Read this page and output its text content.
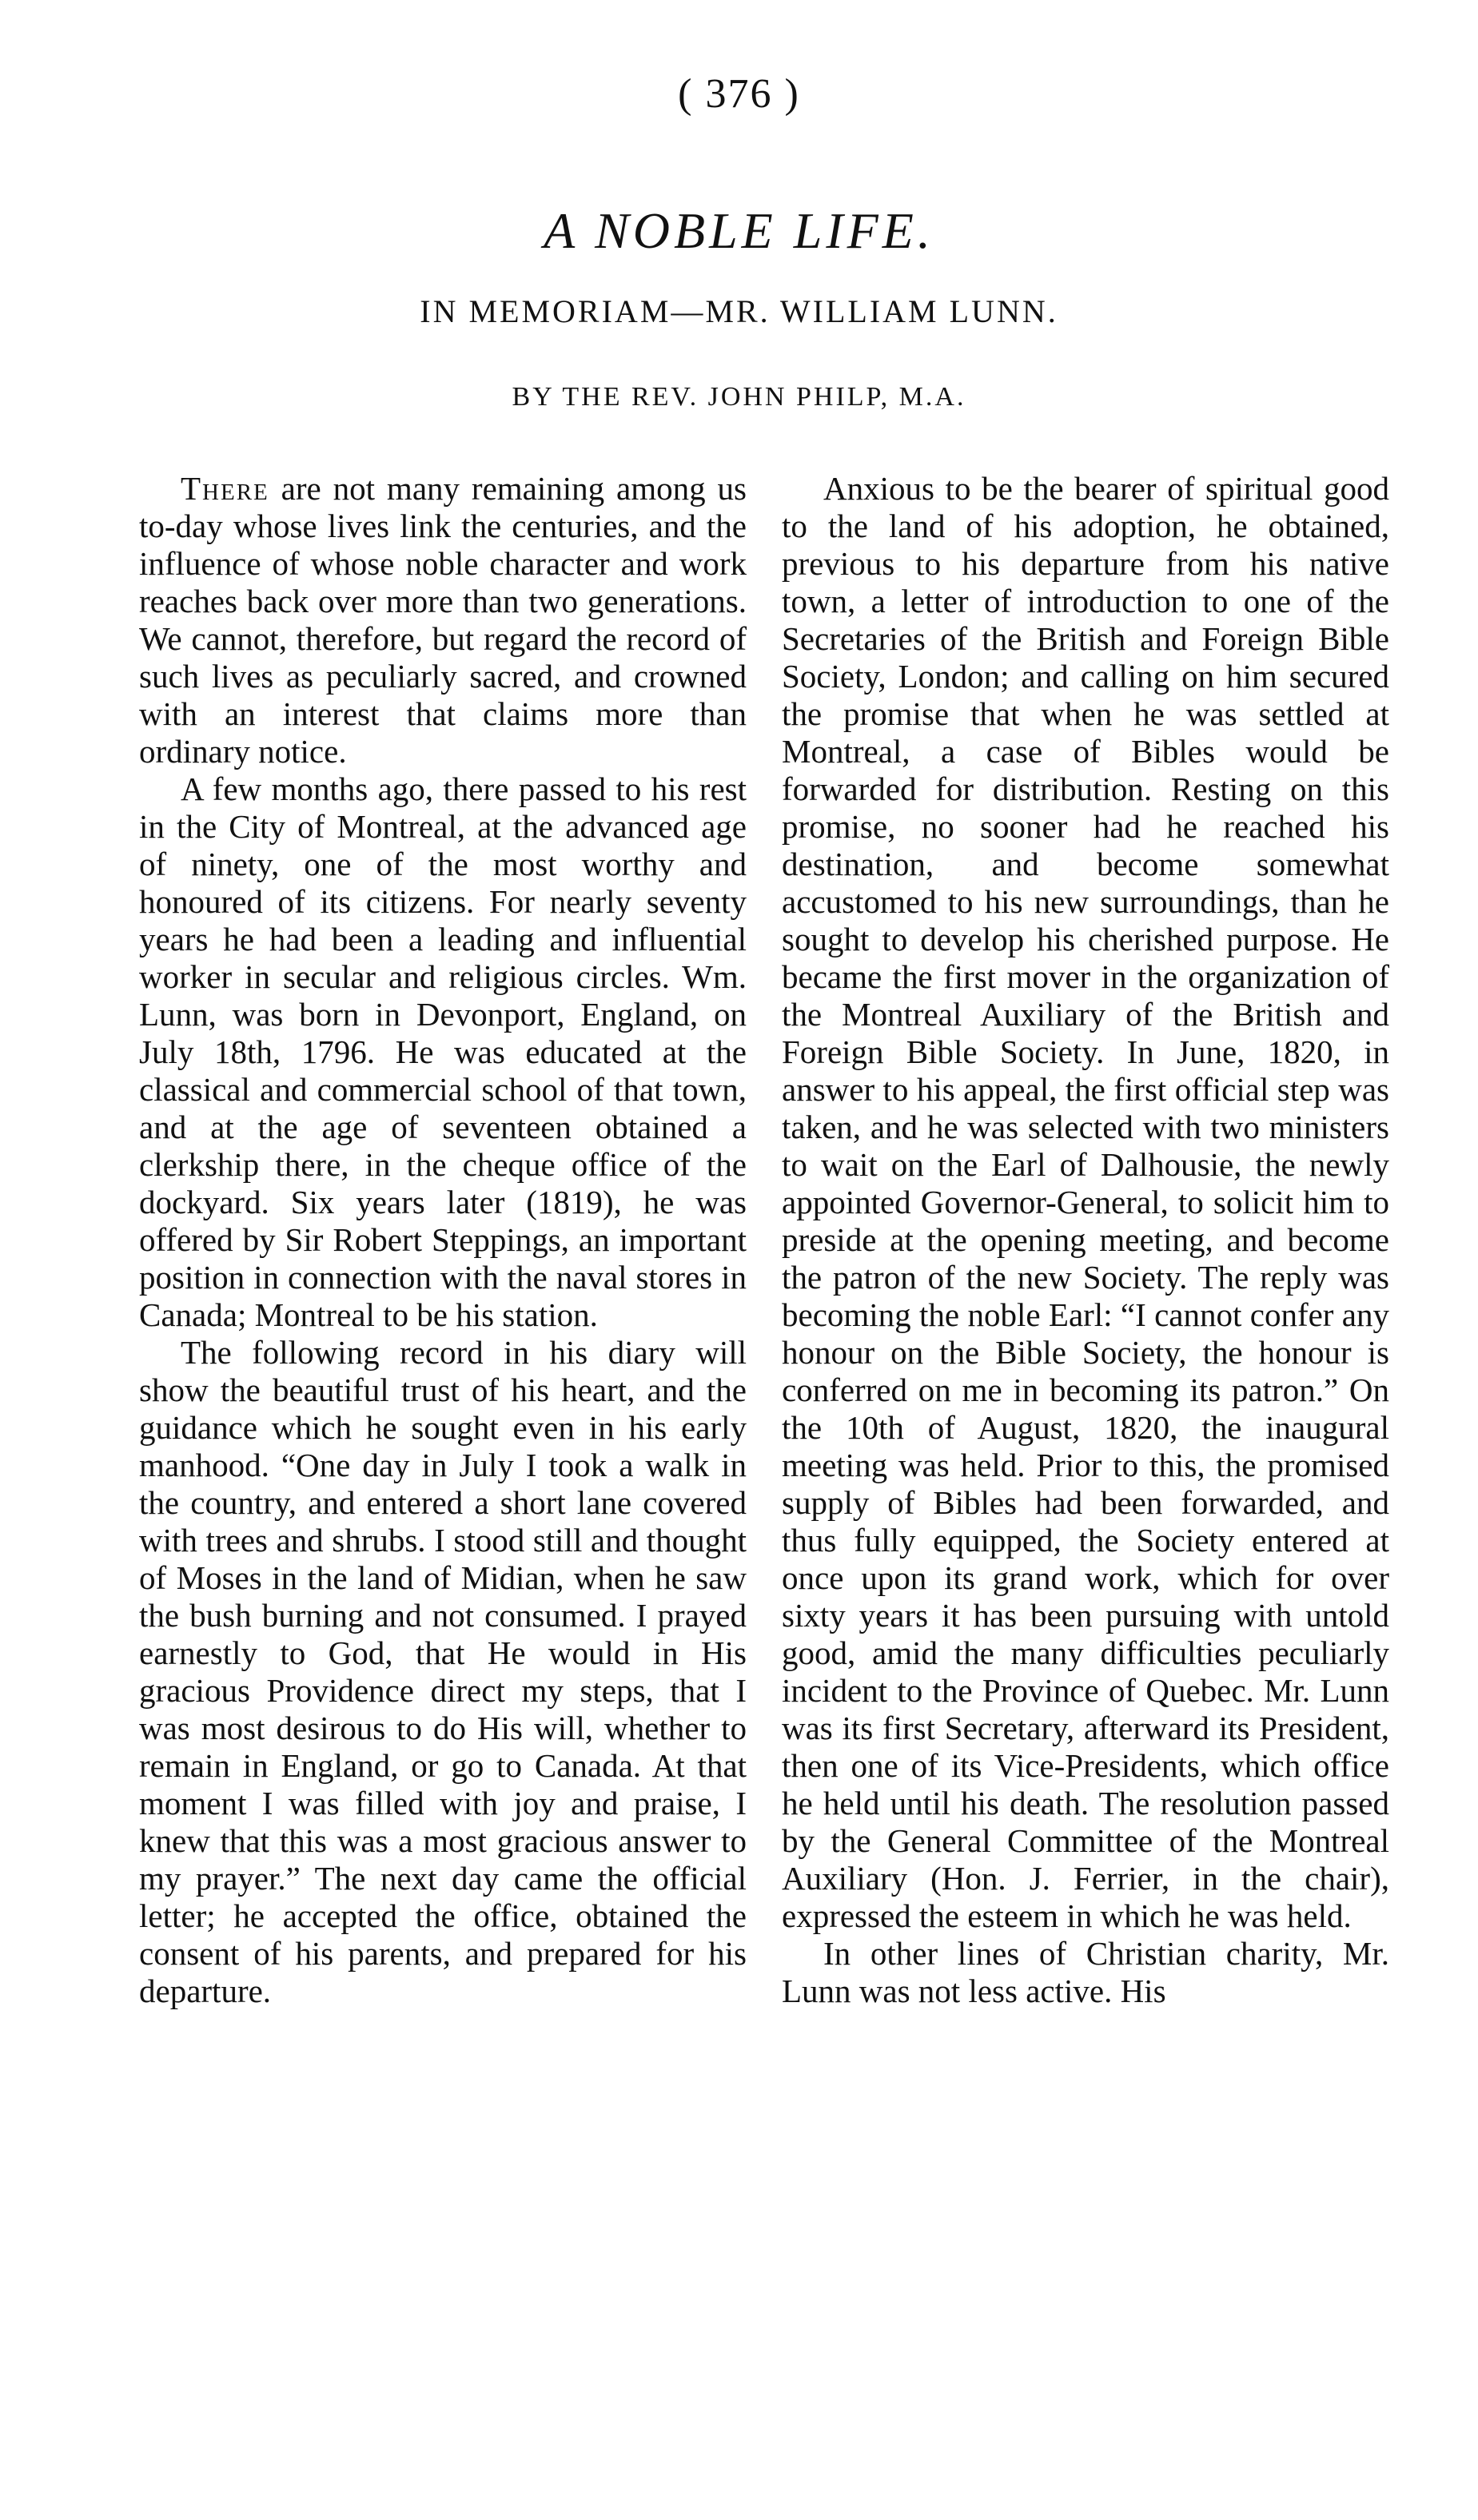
( 376 )
A NOBLE LIFE.
IN MEMORIAM—MR. WILLIAM LUNN.
BY THE REV. JOHN PHILP, M.A.

There are not many remaining among us to-day whose lives link the centuries, and the influence of whose noble character and work reaches back over more than two generations. We cannot, therefore, but regard the record of such lives as peculiarly sacred, and crowned with an interest that claims more than ordinary notice.

A few months ago, there passed to his rest in the City of Montreal, at the advanced age of ninety, one of the most worthy and honoured of its citizens. For nearly seventy years he had been a leading and influential worker in secular and religious circles. Wm. Lunn, was born in Devonport, England, on July 18th, 1796. He was educated at the classical and commercial school of that town, and at the age of seventeen obtained a clerkship there, in the cheque office of the dockyard. Six years later (1819), he was offered by Sir Robert Steppings, an important position in connection with the naval stores in Canada; Montreal to be his station.

The following record in his diary will show the beautiful trust of his heart, and the guidance which he sought even in his early manhood. “One day in July I took a walk in the country, and entered a short lane covered with trees and shrubs. I stood still and thought of Moses in the land of Midian, when he saw the bush burning and not consumed. I prayed earnestly to God, that He would in His gracious Providence direct my steps, that I was most desirous to do His will, whether to remain in England, or go to Canada. At that moment I was filled with joy and praise, I knew that this was a most gracious answer to my prayer.” The next day came the official letter; he accepted the office, obtained the consent of his parents, and prepared for his departure.

Anxious to be the bearer of spiritual good to the land of his adoption, he obtained, previous to his departure from his native town, a letter of introduction to one of the Secretaries of the British and Foreign Bible Society, London; and calling on him secured the promise that when he was settled at Montreal, a case of Bibles would be forwarded for distribution. Resting on this promise, no sooner had he reached his destination, and become somewhat accustomed to his new surroundings, than he sought to develop his cherished purpose. He became the first mover in the organization of the Montreal Auxiliary of the British and Foreign Bible Society. In June, 1820, in answer to his appeal, the first official step was taken, and he was selected with two ministers to wait on the Earl of Dalhousie, the newly appointed Governor-General, to solicit him to preside at the opening meeting, and become the patron of the new Society. The reply was becoming the noble Earl: “I cannot confer any honour on the Bible Society, the honour is conferred on me in becoming its patron.” On the 10th of August, 1820, the inaugural meeting was held. Prior to this, the promised supply of Bibles had been forwarded, and thus fully equipped, the Society entered at once upon its grand work, which for over sixty years it has been pursuing with untold good, amid the many difficulties peculiarly incident to the Province of Quebec. Mr. Lunn was its first Secretary, afterward its President, then one of its Vice-Presidents, which office he held until his death. The resolution passed by the General Committee of the Montreal Auxiliary (Hon. J. Ferrier, in the chair), expressed the esteem in which he was held.

In other lines of Christian charity, Mr. Lunn was not less active. His
